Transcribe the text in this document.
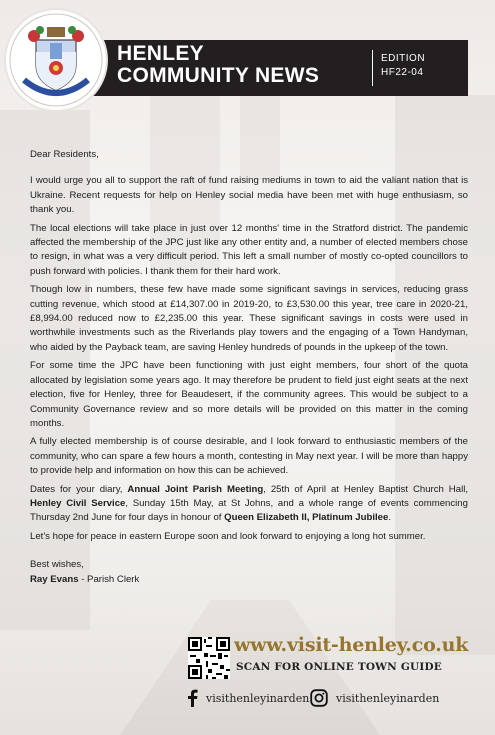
HENLEY
COMMUNITY NEWS
EDITION
HF22-04

Dear Residents,

I would urge you all to support the raft of fund raising mediums in town to aid the valiant nation that is Ukraine. Recent requests for help on Henley social media have been met with huge enthusiasm, so thank you.

The local elections will take place in just over 12 months' time in the Stratford district. The pandemic affected the membership of the JPC just like any other entity and, a number of elected members chose to resign, in what was a very difficult period. This left a small number of mostly co-opted councillors to push forward with policies. I thank them for their hard work.

Though low in numbers, these few have made some significant savings in services, reducing grass cutting revenue, which stood at £14,307.00 in 2019-20, to £3,530.00 this year, tree care in 2020-21, £8,994.00 reduced now to £2,235.00 this year. These significant savings in costs were used in worthwhile investments such as the Riverlands play towers and the engaging of a Town Handyman, who aided by the Payback team, are saving Henley hundreds of pounds in the upkeep of the town.

For some time the JPC have been functioning with just eight members, four short of the quota allocated by legislation some years ago. It may therefore be prudent to field just eight seats at the next election, five for Henley, three for Beaudesert, if the community agrees. This would be subject to a Community Governance review and so more details will be provided on this matter in the coming months.

A fully elected membership is of course desirable, and I look forward to enthusiastic members of the community, who can spare a few hours a month, contesting in May next year. I will be more than happy to provide help and information on how this can be achieved.

Dates for your diary, Annual Joint Parish Meeting, 25th of April at Henley Baptist Church Hall, Henley Civil Service, Sunday 15th May, at St Johns, and a whole range of events commencing Thursday 2nd June for four days in honour of Queen Elizabeth II, Platinum Jubilee.

Let's hope for peace in eastern Europe soon and look forward to enjoying a long hot summer.

Best wishes,

Ray Evans - Parish Clerk

www.visit-henley.co.uk
SCAN FOR ONLINE TOWN GUIDE
visithenleyinarden visithenleyinarden
